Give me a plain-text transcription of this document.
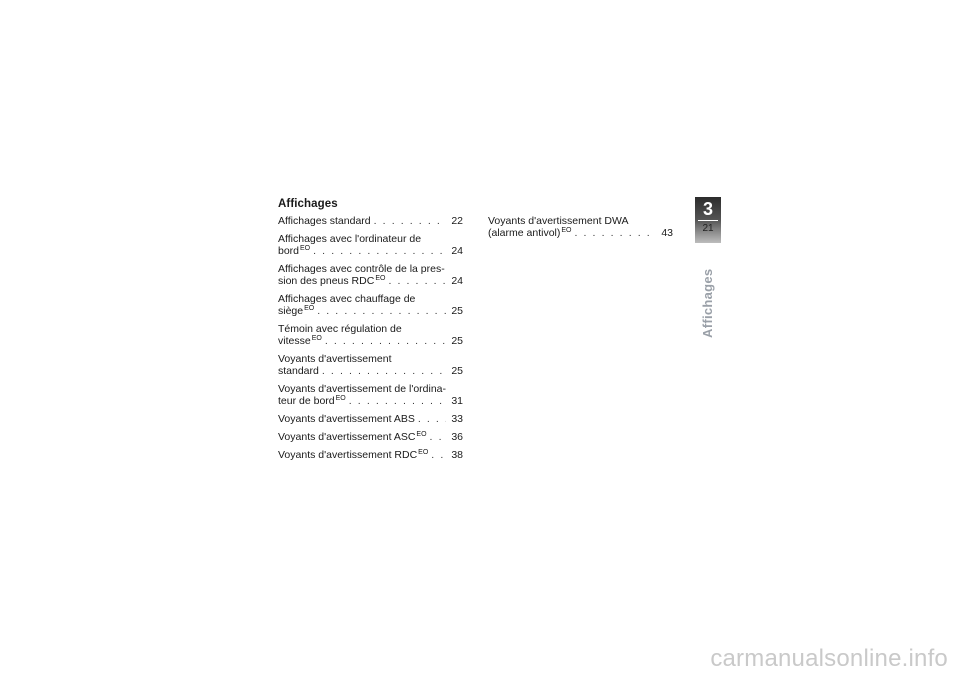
Affichages
Affichages standard . . .	22
Affichages avec l'ordinateur de
bord$^{EO}$ . . .	24
Affichages avec contrôle de la pres-
sion des pneus $RDC^{EO}$ . . .	24
Affichages avec chauffage de
siège$^{EO}$ . . .	25
Témoin avec régulation de
vitesse$^{EO}$ . . .	25
Voyants d'avertissement
standard . . .	25
Voyants d'avertissement de l'ordina-
teur de bord$^{EO}$ . . .	31
Voyants d'avertissement ABS . . .	33
Voyants d'avertissement $ASC^{EO}$ . . . 36
Voyants d'avertissement $RDC^{EO}$ . . . 38
Voyants d'avertissement DWA
(alarme antivol)$^{EO}$ . . .	43
3
21
Affichages
carmanualsonline.info
